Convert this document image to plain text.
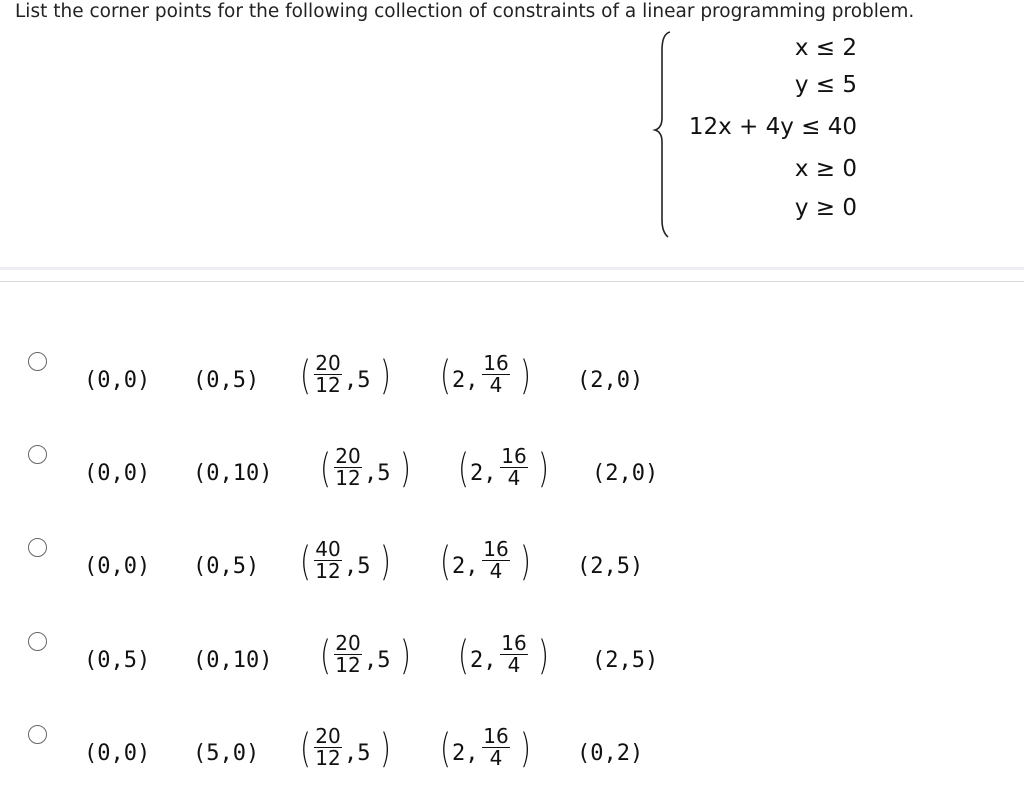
List the corner points for the following collection of constraints of a linear programming problem.
x ≤ 2
y ≤ 5
12x + 4y ≤ 40
x ≥ 0
y ≥ 0
(0,0) (0,5) ( $\frac{20}{12} ,5$ ) ( 2, $\frac{16}{4}$ ) (2,0)
(0,0) (0,10) ( $\frac{20}{12} ,5$ ) ( 2, $\frac{16}{4}$ ) (2,0)
(0,0) (0,5) ( $\frac{40}{12} ,5$ ) ( 2, $\frac{16}{4}$ ) (2,5)
(0,5) (0,10) ( $\frac{20}{12} ,5$ ) ( 2, $\frac{16}{4}$ ) (2,5)
(0,0) (5,0) ( $\frac{20}{12} ,5$ ) ( 2, $\frac{16}{4}$ ) (0,2)
